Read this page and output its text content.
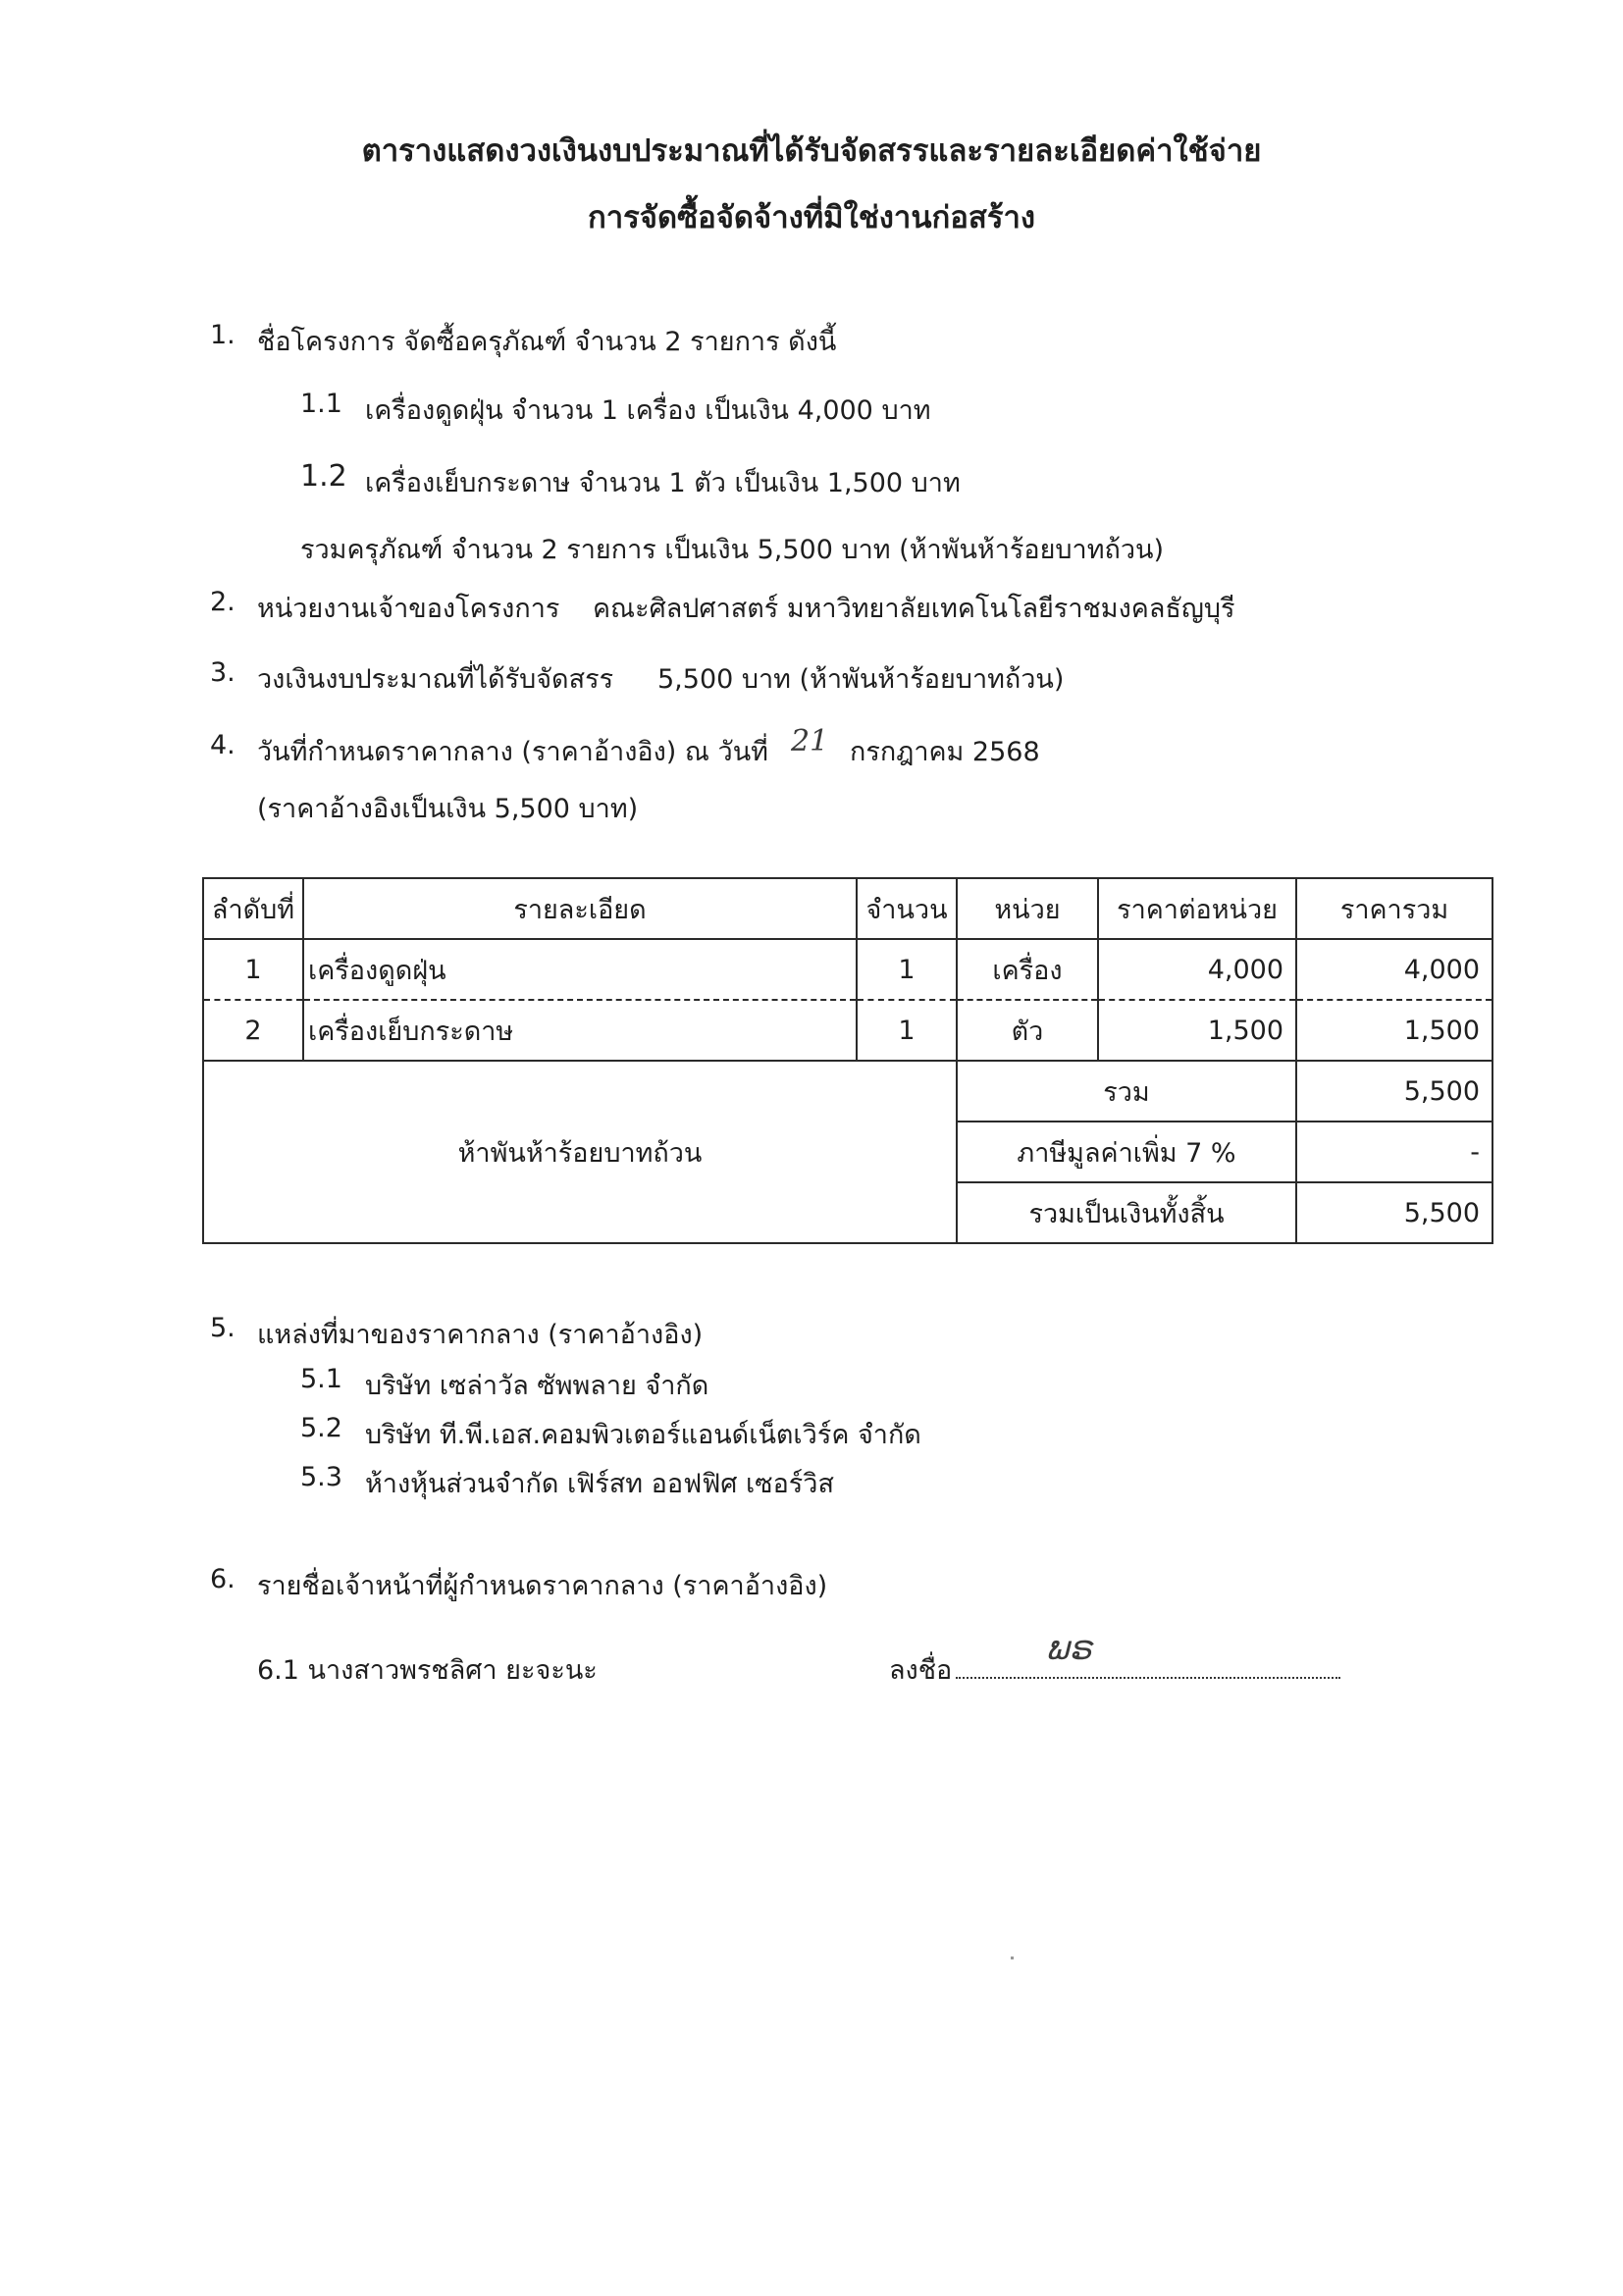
ตารางแสดงวงเงินงบประมาณที่ได้รับจัดสรรและรายละเอียดค่าใช้จ่าย
การจัดซื้อจัดจ้างที่มิใช่งานก่อสร้าง
1. ชื่อโครงการ จัดซื้อครุภัณฑ์ จำนวน 2 รายการ ดังนี้
1.1 เครื่องดูดฝุ่น จำนวน 1 เครื่อง เป็นเงิน 4,000 บาท
1.2 เครื่องเย็บกระดาษ จำนวน 1 ตัว เป็นเงิน 1,500 บาท
รวมครุภัณฑ์ จำนวน 2 รายการ เป็นเงิน 5,500 บาท (ห้าพันห้าร้อยบาทถ้วน)
2. หน่วยงานเจ้าของโครงการ คณะศิลปศาสตร์ มหาวิทยาลัยเทคโนโลยีราชมงคลธัญบุรี
3. วงเงินงบประมาณที่ได้รับจัดสรร 5,500 บาท (ห้าพันห้าร้อยบาทถ้วน)
4. วันที่กำหนดราคากลาง (ราคาอ้างอิง) ณ วันที่ 21 กรกฎาคม 2568
(ราคาอ้างอิงเป็นเงิน 5,500 บาท)
ลำดับที่	รายละเอียด	จำนวน	หน่วย	ราคาต่อหน่วย	ราคารวม
1	เครื่องดูดฝุ่น	1	เครื่อง	4,000	4,000
2	เครื่องเย็บกระดาษ	1	ตัว	1,500	1,500
ห้าพันห้าร้อยบาทถ้วน			รวม		5,500
			ภาษีมูลค่าเพิ่ม 7 %		-
			รวมเป็นเงินทั้งสิ้น		5,500
5. แหล่งที่มาของราคากลาง (ราคาอ้างอิง)
5.1 บริษัท เซล่าวัล ซัพพลาย จำกัด
5.2 บริษัท ที.พี.เอส.คอมพิวเตอร์แอนด์เน็ตเวิร์ค จำกัด
5.3 ห้างหุ้นส่วนจำกัด เฟิร์สท ออฟฟิศ เซอร์วิส
6. รายชื่อเจ้าหน้าที่ผู้กำหนดราคากลาง (ราคาอ้างอิง)
6.1 นางสาวพรชลิศา ยะจะนะ	ลงชื่อ
ພຣ
